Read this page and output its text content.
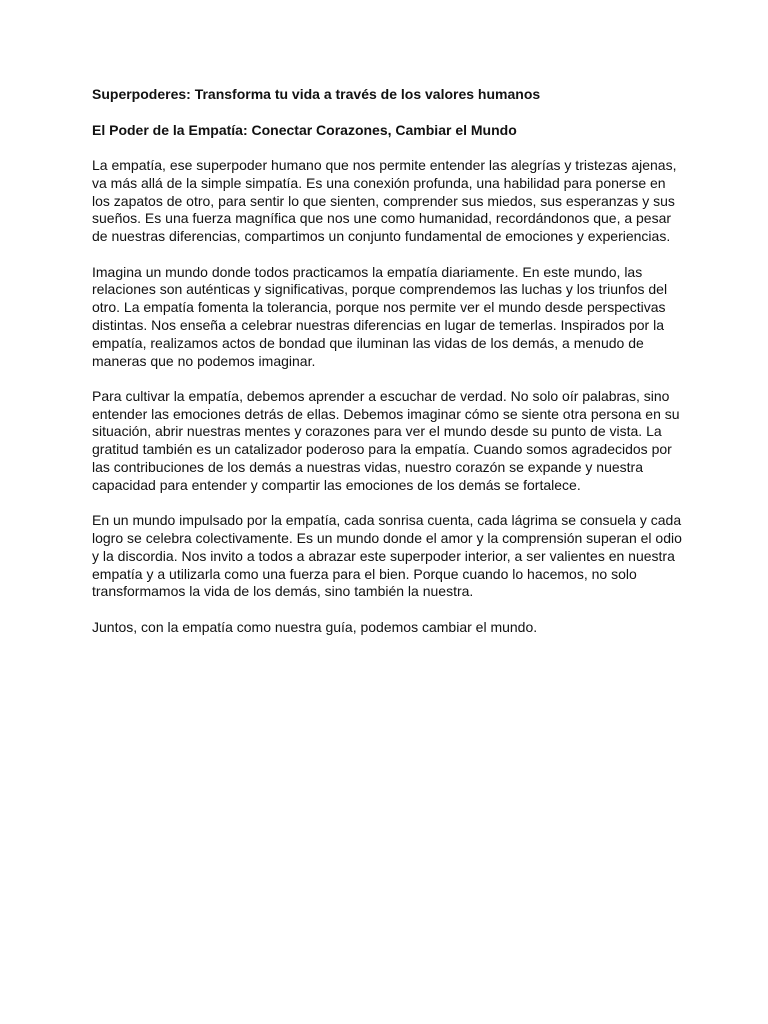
Superpoderes: Transforma tu vida a través de los valores humanos

El Poder de la Empatía: Conectar Corazones, Cambiar el Mundo

La empatía, ese superpoder humano que nos permite entender las alegrías y tristezas ajenas, va más allá de la simple simpatía. Es una conexión profunda, una habilidad para ponerse en los zapatos de otro, para sentir lo que sienten, comprender sus miedos, sus esperanzas y sus sueños. Es una fuerza magnífica que nos une como humanidad, recordándonos que, a pesar de nuestras diferencias, compartimos un conjunto fundamental de emociones y experiencias.

Imagina un mundo donde todos practicamos la empatía diariamente. En este mundo, las relaciones son auténticas y significativas, porque comprendemos las luchas y los triunfos del otro. La empatía fomenta la tolerancia, porque nos permite ver el mundo desde perspectivas distintas. Nos enseña a celebrar nuestras diferencias en lugar de temerlas. Inspirados por la empatía, realizamos actos de bondad que iluminan las vidas de los demás, a menudo de maneras que no podemos imaginar.

Para cultivar la empatía, debemos aprender a escuchar de verdad. No solo oír palabras, sino entender las emociones detrás de ellas. Debemos imaginar cómo se siente otra persona en su situación, abrir nuestras mentes y corazones para ver el mundo desde su punto de vista. La gratitud también es un catalizador poderoso para la empatía. Cuando somos agradecidos por las contribuciones de los demás a nuestras vidas, nuestro corazón se expande y nuestra capacidad para entender y compartir las emociones de los demás se fortalece.

En un mundo impulsado por la empatía, cada sonrisa cuenta, cada lágrima se consuela y cada logro se celebra colectivamente. Es un mundo donde el amor y la comprensión superan el odio y la discordia. Nos invito a todos a abrazar este superpoder interior, a ser valientes en nuestra empatía y a utilizarla como una fuerza para el bien. Porque cuando lo hacemos, no solo transformamos la vida de los demás, sino también la nuestra.

Juntos, con la empatía como nuestra guía, podemos cambiar el mundo.
